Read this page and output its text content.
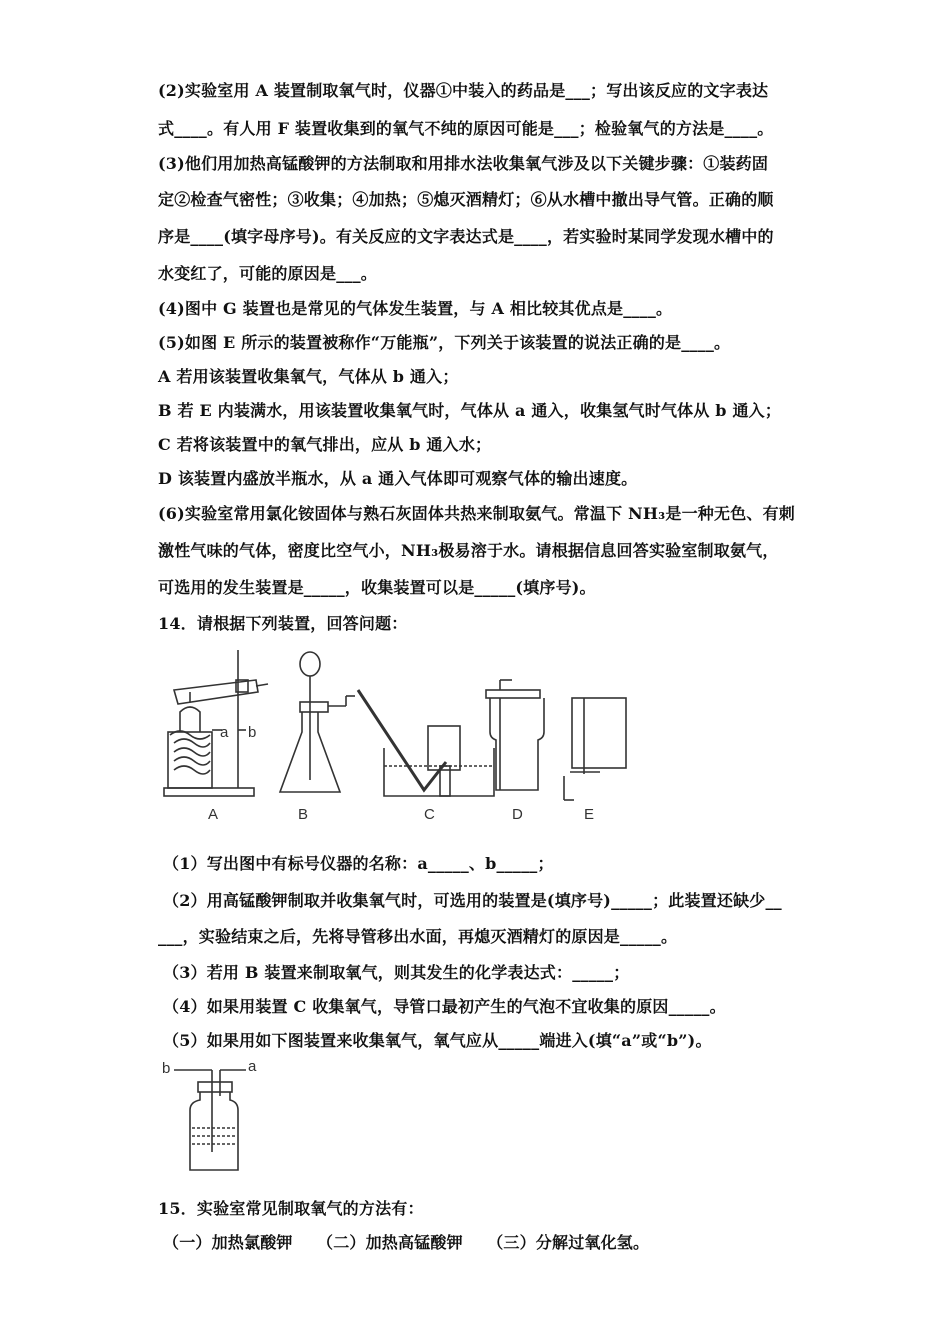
(2)实验室用 A 装置制取氧气时，仪器①中装入的药品是___；写出该反应的文字表达
式____。有人用 F 装置收集到的氧气不纯的原因可能是___；检验氧气的方法是____。
(3)他们用加热高锰酸钾的方法制取和用排水法收集氧气涉及以下关键步骤：①装药固
定②检查气密性；③收集；④加热；⑤熄灭酒精灯；⑥从水槽中撤出导气管。正确的顺
序是____(填字母序号)。有关反应的文字表达式是____，若实验时某同学发现水槽中的
水变红了，可能的原因是___。
(4)图中 G 装置也是常见的气体发生装置，与 A 相比较其优点是____。
(5)如图 E 所示的装置被称作“万能瓶”，下列关于该装置的说法正确的是____。
A 若用该装置收集氧气，气体从 b 通入；
B 若 E 内装满水，用该装置收集氧气时，气体从 a 通入，收集氢气时气体从 b 通入；
C 若将该装置中的氧气排出，应从 b 通入水；
D 该装置内盛放半瓶水，从 a 通入气体即可观察气体的输出速度。
(6)实验室常用氯化铵固体与熟石灰固体共热来制取氨气。常温下 NH₃是一种无色、有刺
激性气味的气体，密度比空气小，NH₃极易溶于水。请根据信息回答实验室制取氨气，
可选用的发生装置是_____，收集装置可以是_____(填序号)。
14．请根据下列装置，回答问题：
a b
A	B	C	D	E
（1）写出图中有标号仪器的名称：a_____、b_____；
（2）用高锰酸钾制取并收集氧气时，可选用的装置是(填序号)_____；此装置还缺少__
___，实验结束之后，先将导管移出水面，再熄灭酒精灯的原因是_____。
（3）若用 B 装置来制取氧气，则其发生的化学表达式：_____；
（4）如果用装置 C 收集氧气，导管口最初产生的气泡不宜收集的原因_____。
（5）如果用如下图装置来收集氧气，氧气应从_____端进入(填“a”或“b”)。
b	a
15．实验室常见制取氧气的方法有：
（一）加热氯酸钾　　（二）加热高锰酸钾　　（三）分解过氧化氢。
